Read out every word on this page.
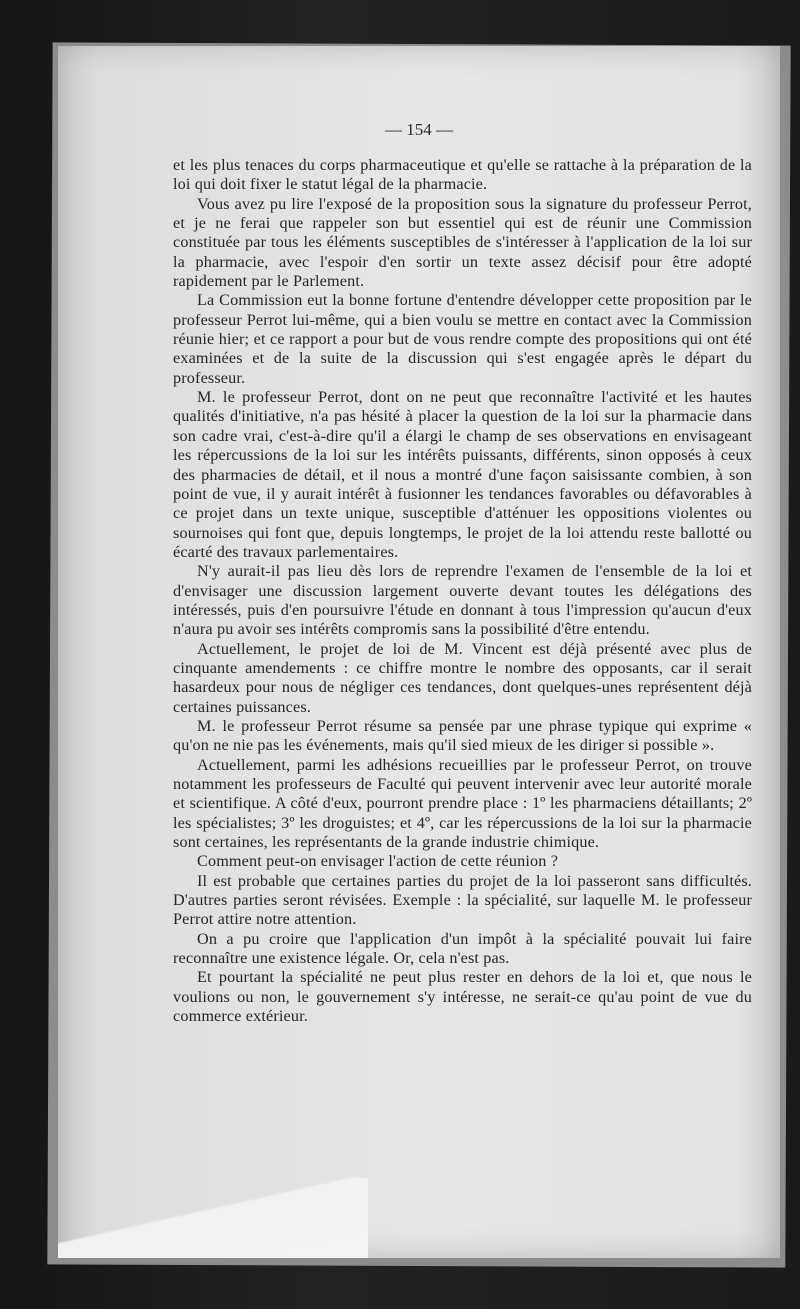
— 154 —

et les plus tenaces du corps pharmaceutique et qu'elle se rattache à la préparation de la loi qui doit fixer le statut légal de la pharmacie.

Vous avez pu lire l'exposé de la proposition sous la signature du professeur Perrot, et je ne ferai que rappeler son but essentiel qui est de réunir une Commission constituée par tous les éléments susceptibles de s'intéresser à l'application de la loi sur la pharmacie, avec l'espoir d'en sortir un texte assez décisif pour être adopté rapidement par le Parlement.

La Commission eut la bonne fortune d'entendre développer cette proposition par le professeur Perrot lui-même, qui a bien voulu se mettre en contact avec la Commission réunie hier; et ce rapport a pour but de vous rendre compte des propositions qui ont été examinées et de la suite de la discussion qui s'est engagée après le départ du professeur.

M. le professeur Perrot, dont on ne peut que reconnaître l'activité et les hautes qualités d'initiative, n'a pas hésité à placer la question de la loi sur la pharmacie dans son cadre vrai, c'est-à-dire qu'il a élargi le champ de ses observations en envisageant les répercussions de la loi sur les intérêts puissants, différents, sinon opposés à ceux des pharmacies de détail, et il nous a montré d'une façon saisissante combien, à son point de vue, il y aurait intérêt à fusionner les tendances favorables ou défavorables à ce projet dans un texte unique, susceptible d'atténuer les oppositions violentes ou sournoises qui font que, depuis longtemps, le projet de la loi attendu reste ballotté ou écarté des travaux parlementaires.

N'y aurait-il pas lieu dès lors de reprendre l'examen de l'ensemble de la loi et d'envisager une discussion largement ouverte devant toutes les délégations des intéressés, puis d'en poursuivre l'étude en donnant à tous l'impression qu'aucun d'eux n'aura pu avoir ses intérêts compromis sans la possibilité d'être entendu.

Actuellement, le projet de loi de M. Vincent est déjà présenté avec plus de cinquante amendements : ce chiffre montre le nombre des opposants, car il serait hasardeux pour nous de négliger ces tendances, dont quelques-unes représentent déjà certaines puissances.

M. le professeur Perrot résume sa pensée par une phrase typique qui exprime « qu'on ne nie pas les événements, mais qu'il sied mieux de les diriger si possible ».

Actuellement, parmi les adhésions recueillies par le professeur Perrot, on trouve notamment les professeurs de Faculté qui peuvent intervenir avec leur autorité morale et scientifique. A côté d'eux, pourront prendre place : 1º les pharmaciens détaillants; 2º les spécialistes; 3º les droguistes; et 4º, car les répercussions de la loi sur la pharmacie sont certaines, les représentants de la grande industrie chimique.

Comment peut-on envisager l'action de cette réunion ?

Il est probable que certaines parties du projet de la loi passeront sans difficultés. D'autres parties seront révisées. Exemple : la spécialité, sur laquelle M. le professeur Perrot attire notre attention.

On a pu croire que l'application d'un impôt à la spécialité pouvait lui faire reconnaître une existence légale. Or, cela n'est pas.

Et pourtant la spécialité ne peut plus rester en dehors de la loi et, que nous le voulions ou non, le gouvernement s'y intéresse, ne serait-ce qu'au point de vue du commerce extérieur.
